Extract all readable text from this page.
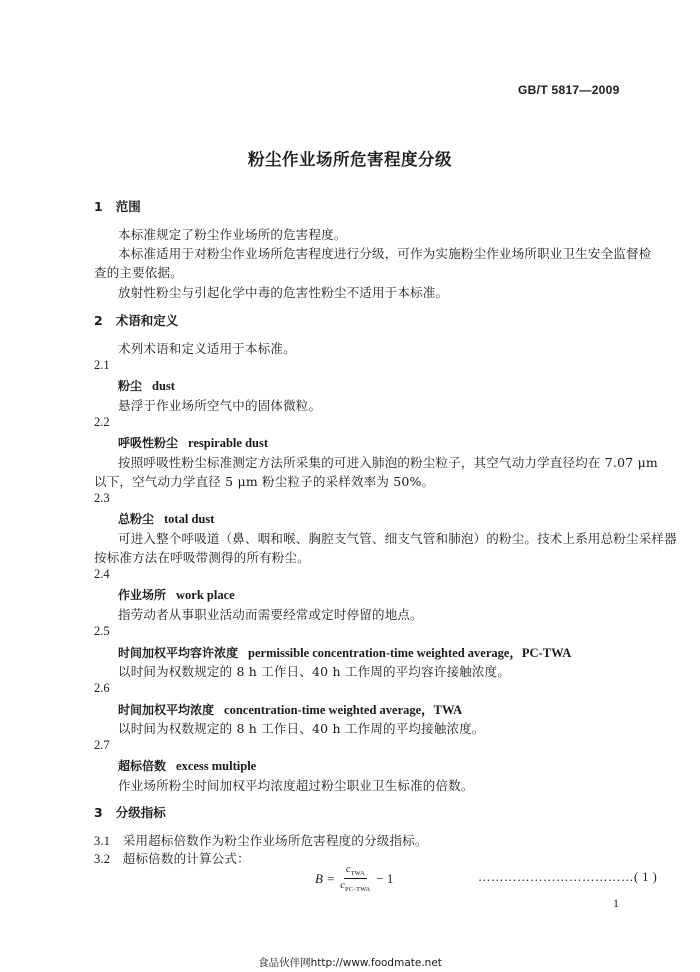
GB/T 5817—2009
粉尘作业场所危害程度分级
1 范围
本标准规定了粉尘作业场所的危害程度。
本标准适用于对粉尘作业场所危害程度进行分级，可作为实施粉尘作业场所职业卫生安全监督检
查的主要依据。
放射性粉尘与引起化学中毒的危害性粉尘不适用于本标准。
2 术语和定义
术列术语和定义适用于本标准。
2.1
粉尘 dust
悬浮于作业场所空气中的固体微粒。
2.2
呼吸性粉尘 respirable dust
按照呼吸性粉尘标准测定方法所采集的可进入肺泡的粉尘粒子，其空气动力学直径均在 7.07 μm
以下，空气动力学直径 5 μm 粉尘粒子的采样效率为 50%。
2.3
总粉尘 total dust
可进入整个呼吸道（鼻、咽和喉、胸腔支气管、细支气管和肺泡）的粉尘。技术上系用总粉尘采样器
按标准方法在呼吸带测得的所有粉尘。
2.4
作业场所 work place
指劳动者从事职业活动而需要经常或定时停留的地点。
2.5
时间加权平均容许浓度 permissible concentration-time weighted average，PC-TWA
以时间为权数规定的 8 h 工作日、40 h 工作周的平均容许接触浓度。
2.6
时间加权平均浓度 concentration-time weighted average，TWA
以时间为权数规定的 8 h 工作日、40 h 工作周的平均接触浓度。
2.7
超标倍数 excess multiple
作业场所粉尘时间加权平均浓度超过粉尘职业卫生标准的倍数。
3 分级指标
3.1 采用超标倍数作为粉尘作业场所危害程度的分级指标。
3.2 超标倍数的计算公式：
$B = \frac{c_{TWA}}{c_{PC-TWA}} - 1$	………………………………( 1 )
1
食品伙伴网http://www.foodmate.net
